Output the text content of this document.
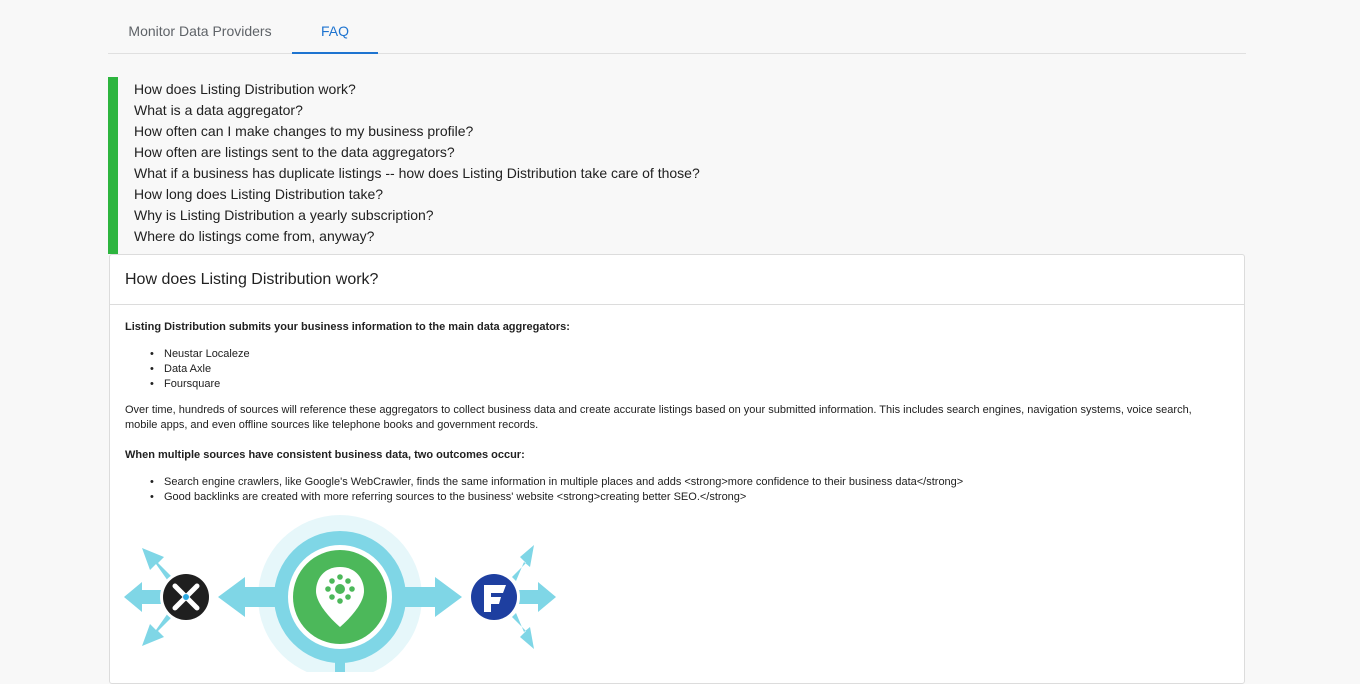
Monitor Data Providers	FAQ
How does Listing Distribution work?
What is a data aggregator?
How often can I make changes to my business profile?
How often are listings sent to the data aggregators?
What if a business has duplicate listings -- how does Listing Distribution take care of those?
How long does Listing Distribution take?
Why is Listing Distribution a yearly subscription?
Where do listings come from, anyway?
How does Listing Distribution work?
Listing Distribution submits your business information to the main data aggregators:
• Neustar Localeze
• Data Axle
• Foursquare
Over time, hundreds of sources will reference these aggregators to collect business data and create accurate listings based on your submitted information. This includes search engines, navigation systems, voice search, mobile apps, and even offline sources like telephone books and government records.
When multiple sources have consistent business data, two outcomes occur:
• Search engine crawlers, like Google's WebCrawler, finds the same information in multiple places and adds <strong>more confidence to their business data</strong>
• Good backlinks are created with more referring sources to the business' website <strong>creating better SEO.</strong>
